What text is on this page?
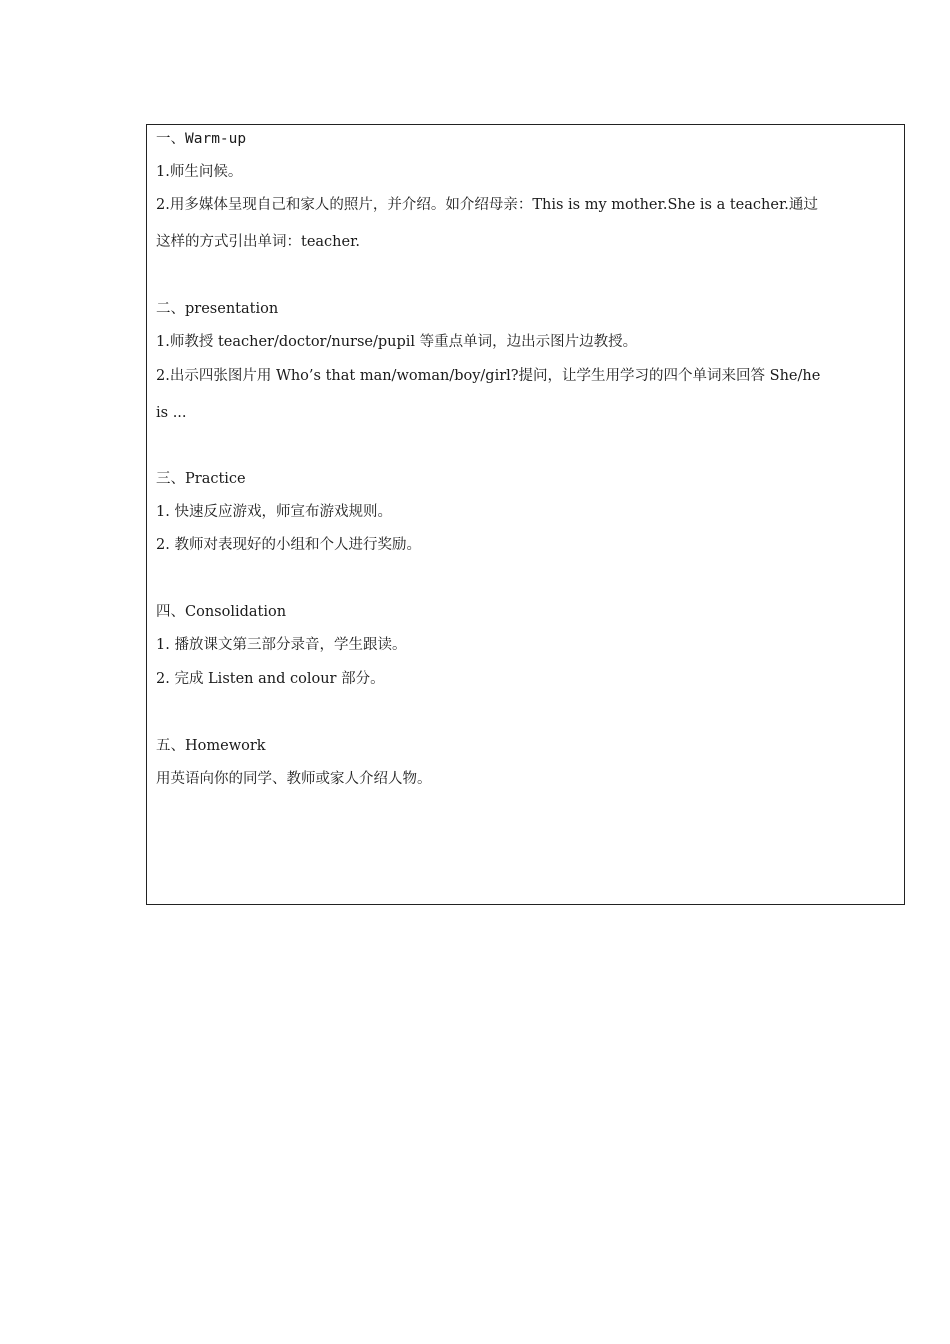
一、Warm-up
1.师生问候。
2.用多媒体呈现自己和家人的照片，并介绍。如介绍母亲：This is my mother.She is a teacher.通过
这样的方式引出单词：teacher.
二、presentation
1.师教授 teacher/doctor/nurse/pupil 等重点单词，边出示图片边教授。
2.出示四张图片用 Who’s that man/woman/boy/girl?提问，让学生用学习的四个单词来回答 She/he
is ...
三、Practice
1. 快速反应游戏，师宣布游戏规则。
2. 教师对表现好的小组和个人进行奖励。
四、Consolidation
1. 播放课文第三部分录音，学生跟读。
2. 完成 Listen and colour 部分。
五、Homework
用英语向你的同学、教师或家人介绍人物。
